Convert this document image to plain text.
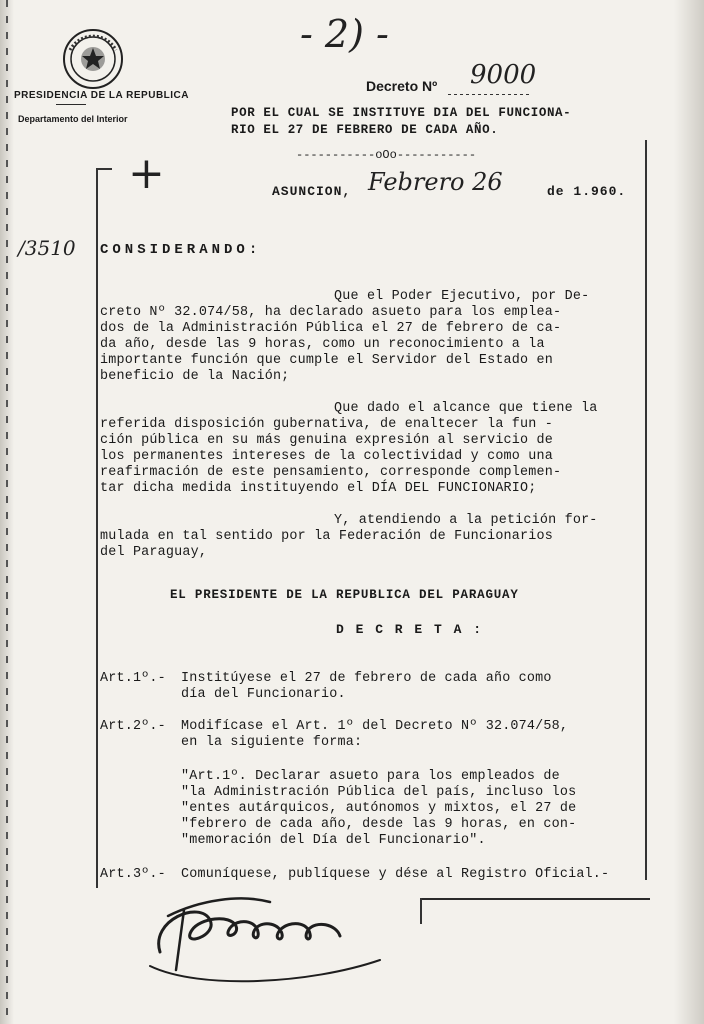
PRESIDENCIA DE LA REPUBLICA

Departamento del Interior

- 2) -

Decreto Nº 9000

POR EL CUAL SE INSTITUYE DIA DEL FUNCIONA-

RIO EL 27 DE FEBRERO DE CADA AÑO.

-----------oOo-----------

+	ASUNCION, Febrero 26	de 1.960.

/3510 CONSIDERANDO:

Que el Poder Ejecutivo, por De-

creto Nº 32.074/58, ha declarado asueto para los emplea-

dos de la Administración Pública el 27 de febrero de ca-

da año, desde las 9 horas, como un reconocimiento a la

importante función que cumple el Servidor del Estado en

beneficio de la Nación;

Que dado el alcance que tiene la

referida disposición gubernativa, de enaltecer la fun -

ción pública en su más genuina expresión al servicio de

los permanentes intereses de la colectividad y como una

reafirmación de este pensamiento, corresponde complemen-

tar dicha medida instituyendo el DÍA DEL FUNCIONARIO;

Y, atendiendo a la petición for-

mulada en tal sentido por la Federación de Funcionarios

del Paraguay,

EL PRESIDENTE DE LA REPUBLICA DEL PARAGUAY

D E C R E T A :

Art.1º.- Institúyese el 27 de febrero de cada año como

día del Funcionario.

Art.2º.- Modifícase el Art. 1º del Decreto Nº 32.074/58,

en la siguiente forma:

"Art.1º. Declarar asueto para los empleados de

"la Administración Pública del país, incluso los

"entes autárquicos, autónomos y mixtos, el 27 de

"febrero de cada año, desde las 9 horas, en con-

"memoración del Día del Funcionario".

Art.3º.- Comuníquese, publíquese y dése al Registro Oficial.-
